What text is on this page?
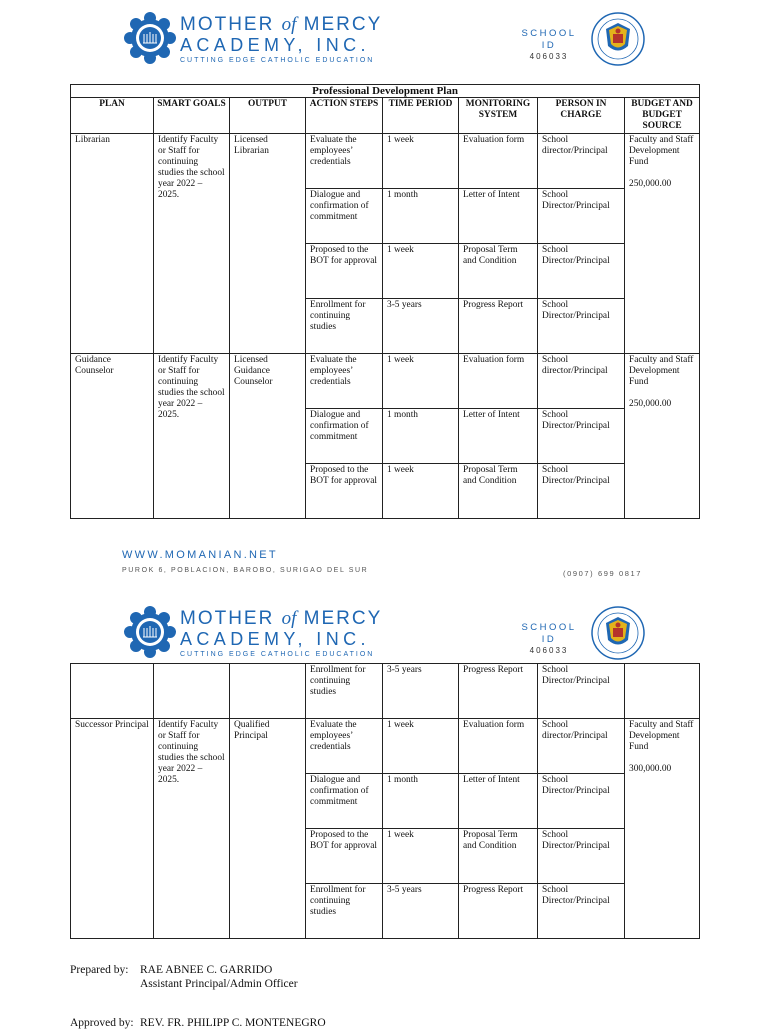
MOTHER of MERCY
ACADEMY, INC.
CUTTING EDGE CATHOLIC EDUCATION
SCHOOL ID
406033
Professional Development Plan							
PLAN	SMART GOALS	OUTPUT	ACTION STEPS	TIME PERIOD	MONITORING SYSTEM	PERSON IN CHARGE	BUDGET AND BUDGET SOURCE
Librarian	Identify Faculty or Staff for continuing studies the school year 2022 – 2025.	Licensed Librarian	Evaluate the employees’ credentials	1 week	Evaluation form	School director/Principal	Faculty and Staff Development Fund
250,000.00

			Dialogue and confirmation of commitment	1 month	Letter of Intent	School Director/Principal	
			Proposed to the BOT for approval	1 week	Proposal Term and Condition	School Director/Principal	
			Enrollment for continuing studies	3-5 years	Progress Report	School Director/Principal	
Guidance Counselor	Identify Faculty or Staff for continuing studies the school year 2022 – 2025.	Licensed Guidance Counselor	Evaluate the employees’ credentials	1 week	Evaluation form	School director/Principal	Faculty and Staff Development Fund
250,000.00

			Dialogue and confirmation of commitment	1 month	Letter of Intent	School Director/Principal	
			Proposed to the BOT for approval	1 week	Proposal Term and Condition	School Director/Principal	
WWW.MOMANIAN.NET
PUROK 6, POBLACION, BAROBO, SURIGAO DEL SUR	(0907) 699 0817
MOTHER of MERCY
ACADEMY, INC.
CUTTING EDGE CATHOLIC EDUCATION
SCHOOL ID
406033
			Enrollment for continuing studies	3-5 years	Progress Report	School Director/Principal	
Successor Principal	Identify Faculty or Staff for continuing studies the school year 2022 – 2025.	Qualified Principal	Evaluate the employees’ credentials	1 week	Evaluation form	School director/Principal	Faculty and Staff Development Fund
300,000.00

			Dialogue and confirmation of commitment	1 month	Letter of Intent	School Director/Principal	
			Proposed to the BOT for approval	1 week	Proposal Term and Condition	School Director/Principal	
			Enrollment for continuing studies	3-5 years	Progress Report	School Director/Principal	
Prepared by: RAE ABNEE C. GARRIDO
Assistant Principal/Admin Officer
Approved by: REV. FR. PHILIPP C. MONTENEGRO
